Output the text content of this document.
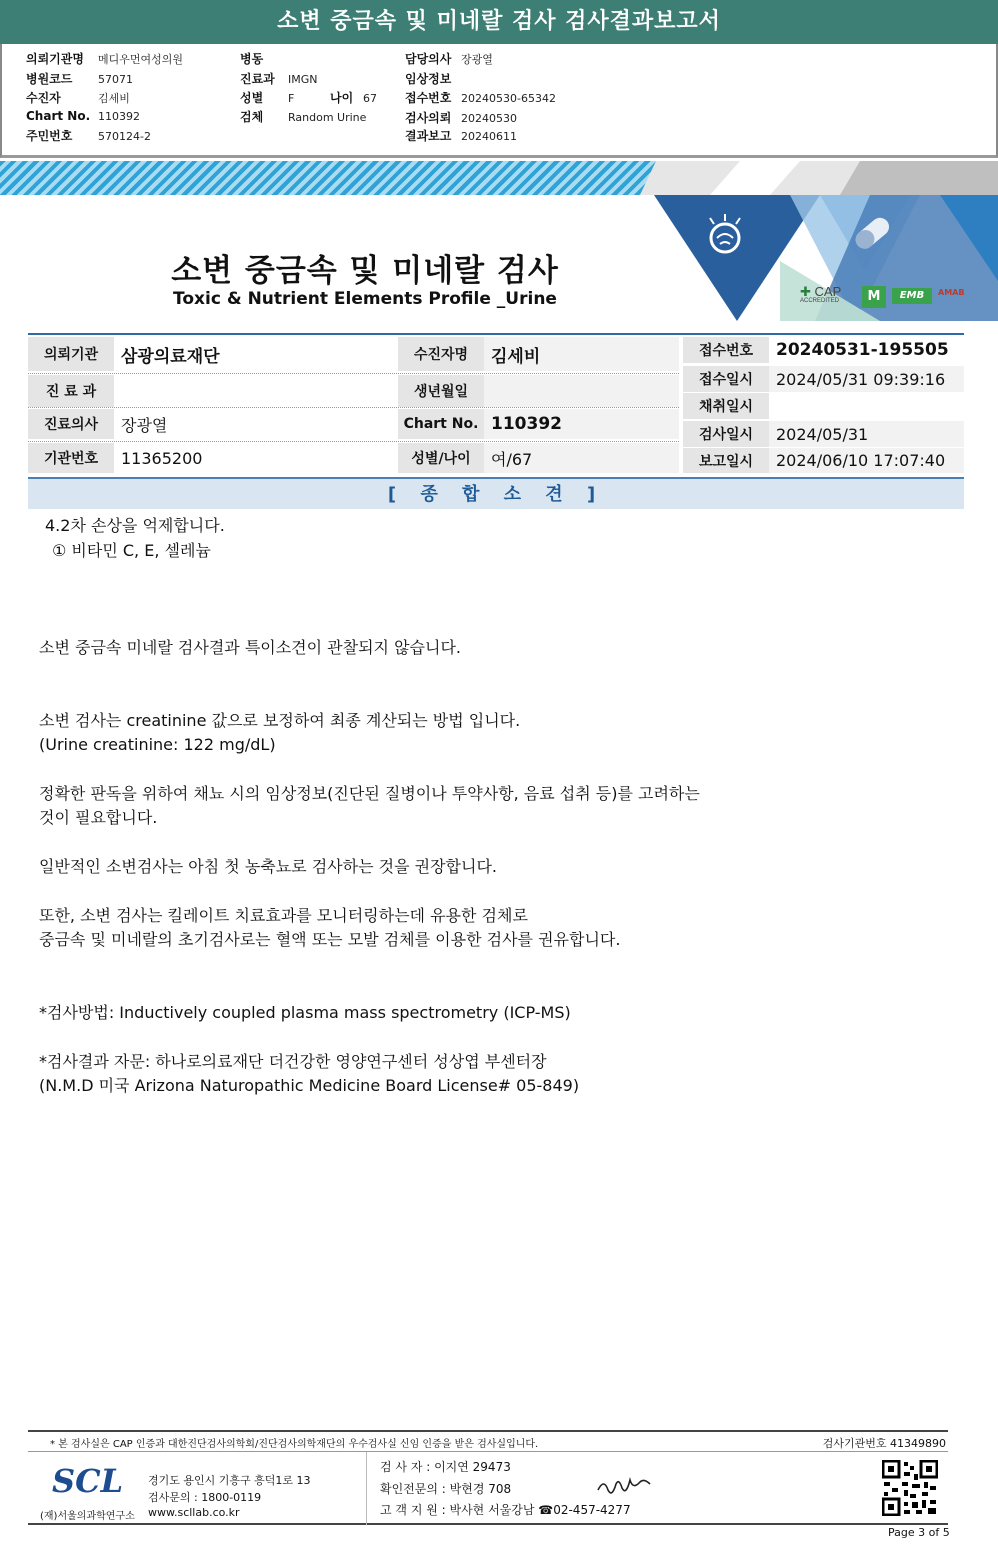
소변 중금속 및 미네랄 검사 검사결과보고서
의뢰기관명 메디우먼여성의원
병원코드 57071
수진자	김세비
Chart No. 110392
주민번호 570124-2
병동
진료과 IMGN
성별 F	나이 67
검체 Random Urine
담당의사 장광열
임상정보
접수번호 20240530-65342
검사의뢰 20240530
결과보고 20240611
✚ CAP
ACCREDITED	M	EMB	AMAB
소변 중금속 및 미네랄 검사
Toxic & Nutrient Elements Profile _Urine
의뢰기관	삼광의료재단	수진자명	김세비
진 료 과	생년월일
진료의사	장광열	Chart No. 110392
기관번호	11365200	성별/나이	여/67
접수번호	20240531-195505
접수일시	2024/05/31 09:39:16
채취일시
검사일시	2024/05/31
보고일시	2024/06/10 17:07:40
[ 종 합 소 견 ]
4.2차 손상을 억제합니다.
① 비타민 C, E, 셀레늄
소변 중금속 미네랄 검사결과 특이소견이 관찰되지 않습니다.
소변 검사는 creatinine 값으로 보정하여 최종 계산되는 방법 입니다.
(Urine creatinine: 122 mg/dL)
정확한 판독을 위하여 채뇨 시의 임상정보(진단된 질병이나 투약사항, 음료 섭취 등)를 고려하는
것이 필요합니다.
일반적인 소변검사는 아침 첫 농축뇨로 검사하는 것을 권장합니다.
또한, 소변 검사는 킬레이트 치료효과를 모니터링하는데 유용한 검체로
중금속 및 미네랄의 초기검사로는 혈액 또는 모발 검체를 이용한 검사를 권유합니다.
*검사방법: Inductively coupled plasma mass spectrometry (ICP-MS)
*검사결과 자문: 하나로의료재단 더건강한 영양연구센터 성상엽 부센터장
(N.M.D 미국 Arizona Naturopathic Medicine Board License# 05-849)
* 본 검사실은 CAP 인증과 대한진단검사의학회/진단검사의학재단의 우수검사실 신임 인증을 받은 검사실입니다.	검사기관번호 41349890
SCL
(재)서울의과학연구소
경기도 용인시 기흥구 흥덕1로 13
검사문의 : 1800-0119
www.scllab.co.kr
검 사 자 : 이지연 29473
확인전문의 : 박현경 708
고 객 지 원 : 박사현 서울강남 ☎02-457-4277
Page 3 of 5
